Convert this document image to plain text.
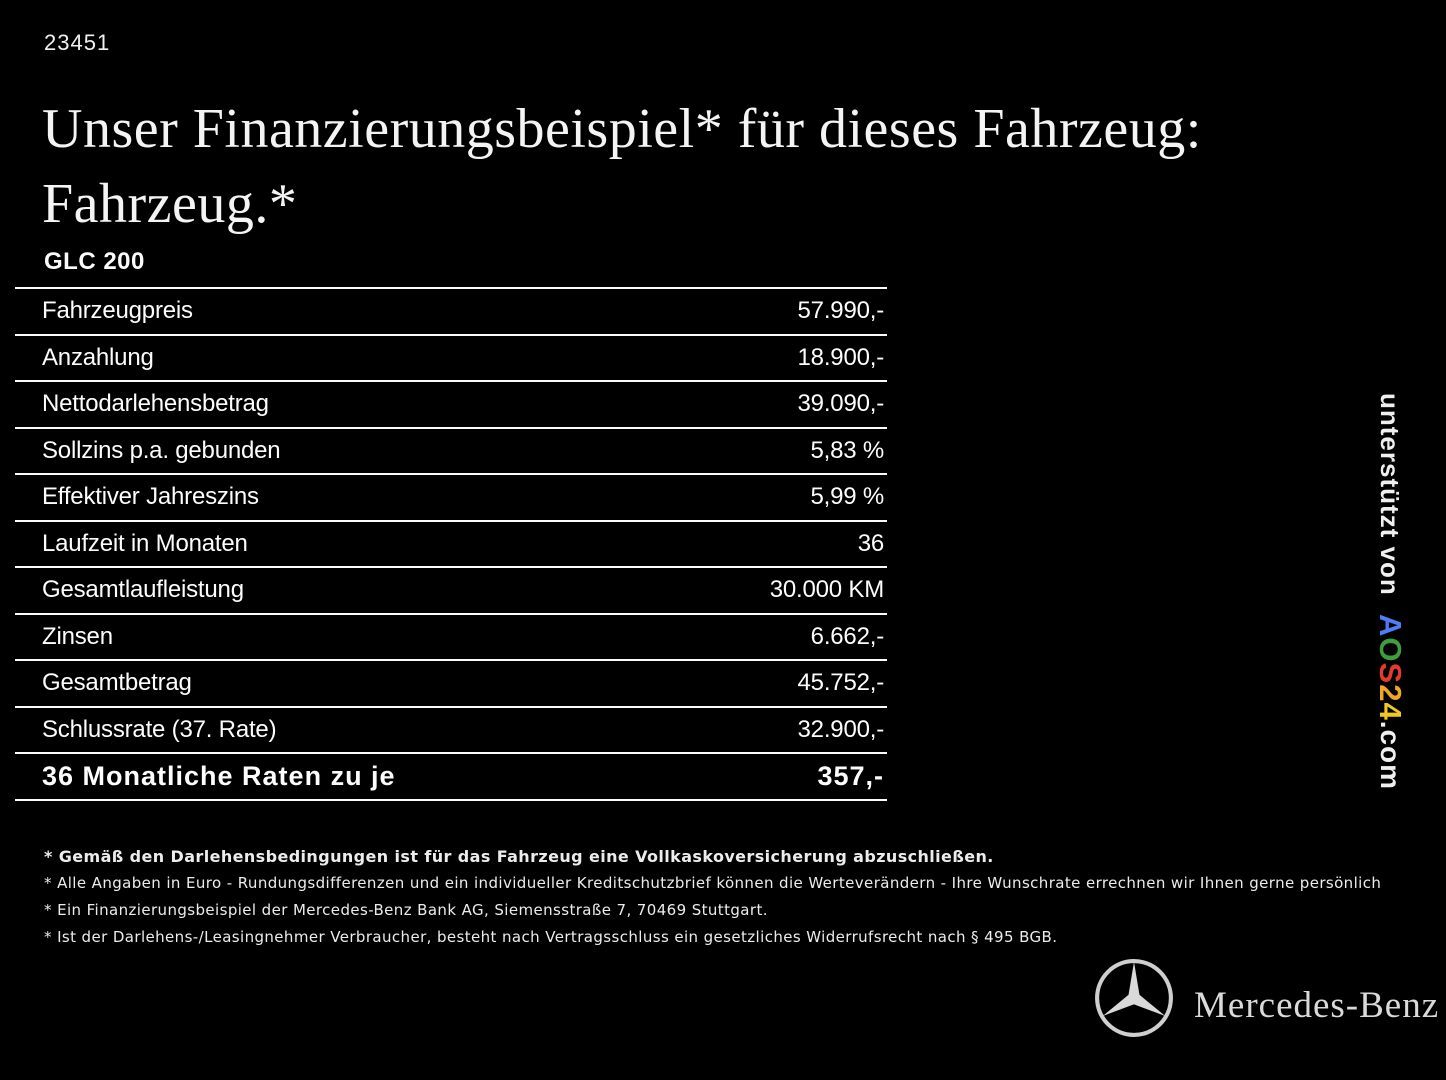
23451
Unser Finanzierungsbeispiel* für dieses Fahrzeug:
Fahrzeug.*
GLC 200
Fahrzeugpreis	57.990,-
Anzahlung	18.900,-
Nettodarlehensbetrag	39.090,-
Sollzins p.a. gebunden	5,83 %
Effektiver Jahreszins	5,99 %
Laufzeit in Monaten	36
Gesamtlaufleistung	30.000 KM
Zinsen	6.662,-
Gesamtbetrag	45.752,-
Schlussrate (37. Rate)	32.900,-
36 Monatliche Raten zu je	357,-

* Gemäß den Darlehensbedingungen ist für das Fahrzeug eine Vollkaskoversicherung abzuschließen.

* Alle Angaben in Euro - Rundungsdifferenzen und ein individueller Kreditschutzbrief können die Werteverändern - Ihre Wunschrate errechnen wir Ihnen gerne persönlich

* Ein Finanzierungsbeispiel der Mercedes-Benz Bank AG, Siemensstraße 7, 70469 Stuttgart.

* Ist der Darlehens-/Leasingnehmer Verbraucher, besteht nach Vertragsschluss ein gesetzliches Widerrufsrecht nach § 495 BGB.

unterstützt von AOS24.com
Mercedes-Benz
